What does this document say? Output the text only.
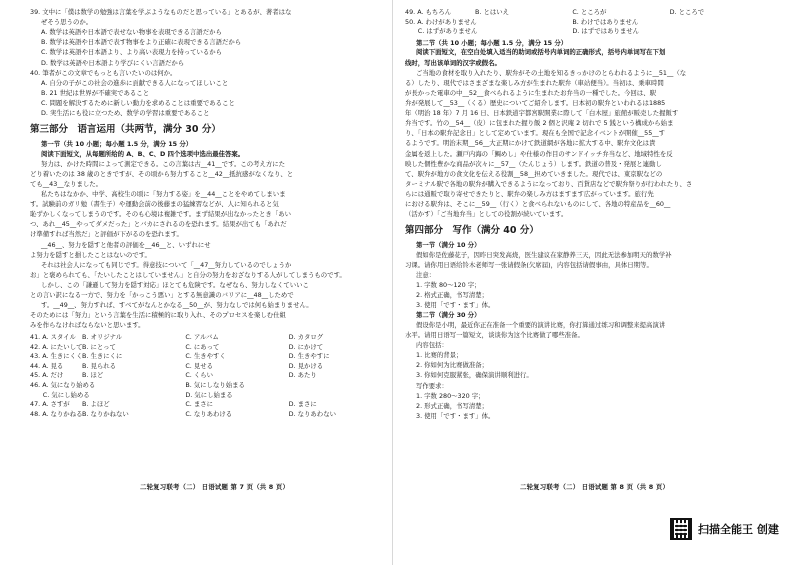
39. 文中に「僕は数学の勉強は言葉を学ぶようなものだと思っている」とあるが、著者はな
ぜそう思うのか。
A. 数学は英語や日本語で表せない物事を表現できる言語だから
B. 数学は英語や日本語で表す物事をより正確に表現できる言語だから
C. 数学は英語や日本語より、より高い表現力を持っているから
D. 数学は英語や日本語より学びにくい言語だから
40. 筆者がこの文章でもっとも言いたいのは何か。
A. 自分の子がこの社会の進歩に貢献できる人になってほしいこと
B. 21 世紀は世界が不確実であること
C. 問題を解決するために新しい動力を求めることは重要であること
D. 実生活にも役に立つため、数学の学習は重要であること
第三部分　语言运用（共两节，满分 30 分）
第一节（共 10 小题；每小题 1.5 分，满分 15 分）
阅读下面短文，从每题所给的 A、B、C、D 四个选项中选出最佳答案。
努力は、かけた時間によって測定できる。この言葉は古__41__です。この考え方にた
どり着いたのは 38 歳のときですが、その頃から努力すること__42__抵抗感がなくなり、と
ても__43__なりました。
私たちはなかか、中学、高校生の頃に「努力する姿」を__44__ことをやめてしまいま
す。試験前のガリ勉（書生子）や運動会前の後藤まの猛練習などが、人に知られると気
恥ずかしくなってしまうのです。そのも心境は複雑です。まず結果が出なかったとき「あい
つ、あれ__45__やってダメだった」とバカにされるのを恐れます。結果が出ても「あれだ
け準備すれば当然だ」と評価が下がるのを恐れます。
__46__、努力を隠すと他者の評価を__46__と、いずれにせ
よ努力を隠すと損したことはないのです。
それは社会人になっても同じです。得意技について「__47__努力しているのでしょうか
お」と褒められても、「たいしたことはしていません」と自分の努力をおざなりする人がしてしまうものです。
しかし、この「謙遜して努力を隠す対応」ほとても危険です。なぜなら、努力しなくていいこ
との言い訳になる一方で、努力を「かっこう悪い」とする無意識のバリアに__48__しためで
す。__49__、努力すれば、すべてがなんとかなる__50__が、努力なしでは何も始まりません。
そのためには「努力」という言葉を生活に積極的に取り入れ、そのプロセスを楽しむ仕組
みを作らなければならないと思います。
41. A. スタイル	B. オリジナル	C. アルバム	D. カタログ
42. A. にたいして	B. にとって	C. にあって	D. にかけて
43. A. 生きにくく	B. 生きにくに	C. 生きやすく	D. 生きやすに
44. A. 見る	B. 見られる	C. 見せる	D. 見かける
45. A. だけ	B. ほど	C. くらい	D. あたり
46. A. 気になり始める		B. 気にしなり始まる	
　　C. 気にし始める		D. 気にし始まる	
47. A. さすが	B. よほど	C. まさに	D. まさに
48. A. なりかねる	B. なりかねない	C. なりあわける	D. なりあわない
二轮复习联考（二） 日语试题 第 7 页（共 8 页）
49. A. もちろん	B. とはいえ	C. ところが	D. ところで
50. A. わけがありません		B. わけではありません	
　　C. はずがありません		D. はずではありません	
第二节（共 10 小题；每小题 1.5 分，满分 15 分）
阅读下面短文，在空白处填入适当的助词或括号内单词的正确形式，括号内单词写在下划
线时，写出该单词的汉字或假名。
ご当地の食材を取り入れたり、駅弁がその土地を知るきっかけのとらわれるように__51__（な
る）したり、現代ではさまざまな楽しみ方が生まれた駅弁（車站便当）。当初は、乗車時間
が長かった電車の中__52__食べられるように生まれたお弁当の一種でした。今回は、駅
弁が発展して__53__（くる）歴史についてご紹介します。日本初の駅弁といわれるは1885
年（明治 18 年）7 月 16 日、日本鉄道宇都宮駅開業に際して「白木屋」旅館が販売した握飯す
弁当です。竹の__54__（皮）に包まれた握り飯 2 個と沢庵 2 切れで 5 銭という構成から始ま
り、「日本の駅弁記念日」として定めています。現在も全国で記念イベントが開催__55__す
るようです。明治末期__56__大正期にかけて鉄道網が各地に拡大する中、駅弁文化は貴
金属を返上した。瀬戸内海の「鯛めし」や仕様の作目のサンドイッチ弁当など、地域特性を反
映した個性豊かな商品が次々に__57__（たんじょう）します。鉄道の普及・発展と連動し
て、駅弁が地方の食文化を伝える役割__58__担めていきました。現代では、東京駅などの
ターミナル駅で各地の駅弁が購入できるようになっており、百貨店などで駅弁祭りが行われたり、さ
らには通販で取り寄せできたりと、駅弁の楽しみ方はますます広がっています。旅行先
における駅弁は、そこに__59__（行く）と食べられないものにして、各地の特産品を__60__
（活かす）「ご当地弁当」としての役割が続いています。
第四部分　写作（满分 40 分）
第一节（满分 10 分）
假如你是佐藤花子，因昨日突发高烧，医生建议在家静养三天，因此无法参加明天的数学补
习课。请你用日语给铃木老师写一张请假条(欠席届)，内容包括请假事由，具体日期等。
注意：
1. 字数 80～120 字；
2. 格式正确，书写清楚；
3. 使用「です・ます」体。
第二节（满分 30 分）
假设你是小明，最近你正在准备一个重要的演讲比赛，你打算通过练习和调整来提高演讲
水平。请用日语写一篇短文，谈谈你为这个比赛做了哪些准备。
内容包括：
1. 比赛的背景；
2. 你如何为比赛做准备；
3. 你如何克服紧张，确保演讲顺利进行。
写作要求：
1. 字数 280～320 字；
2. 形式正确，书写清楚；
3. 使用「です・ます」体。
二轮复习联考（二） 日语试题 第 8 页（共 8 页）
扫描全能王 创建
